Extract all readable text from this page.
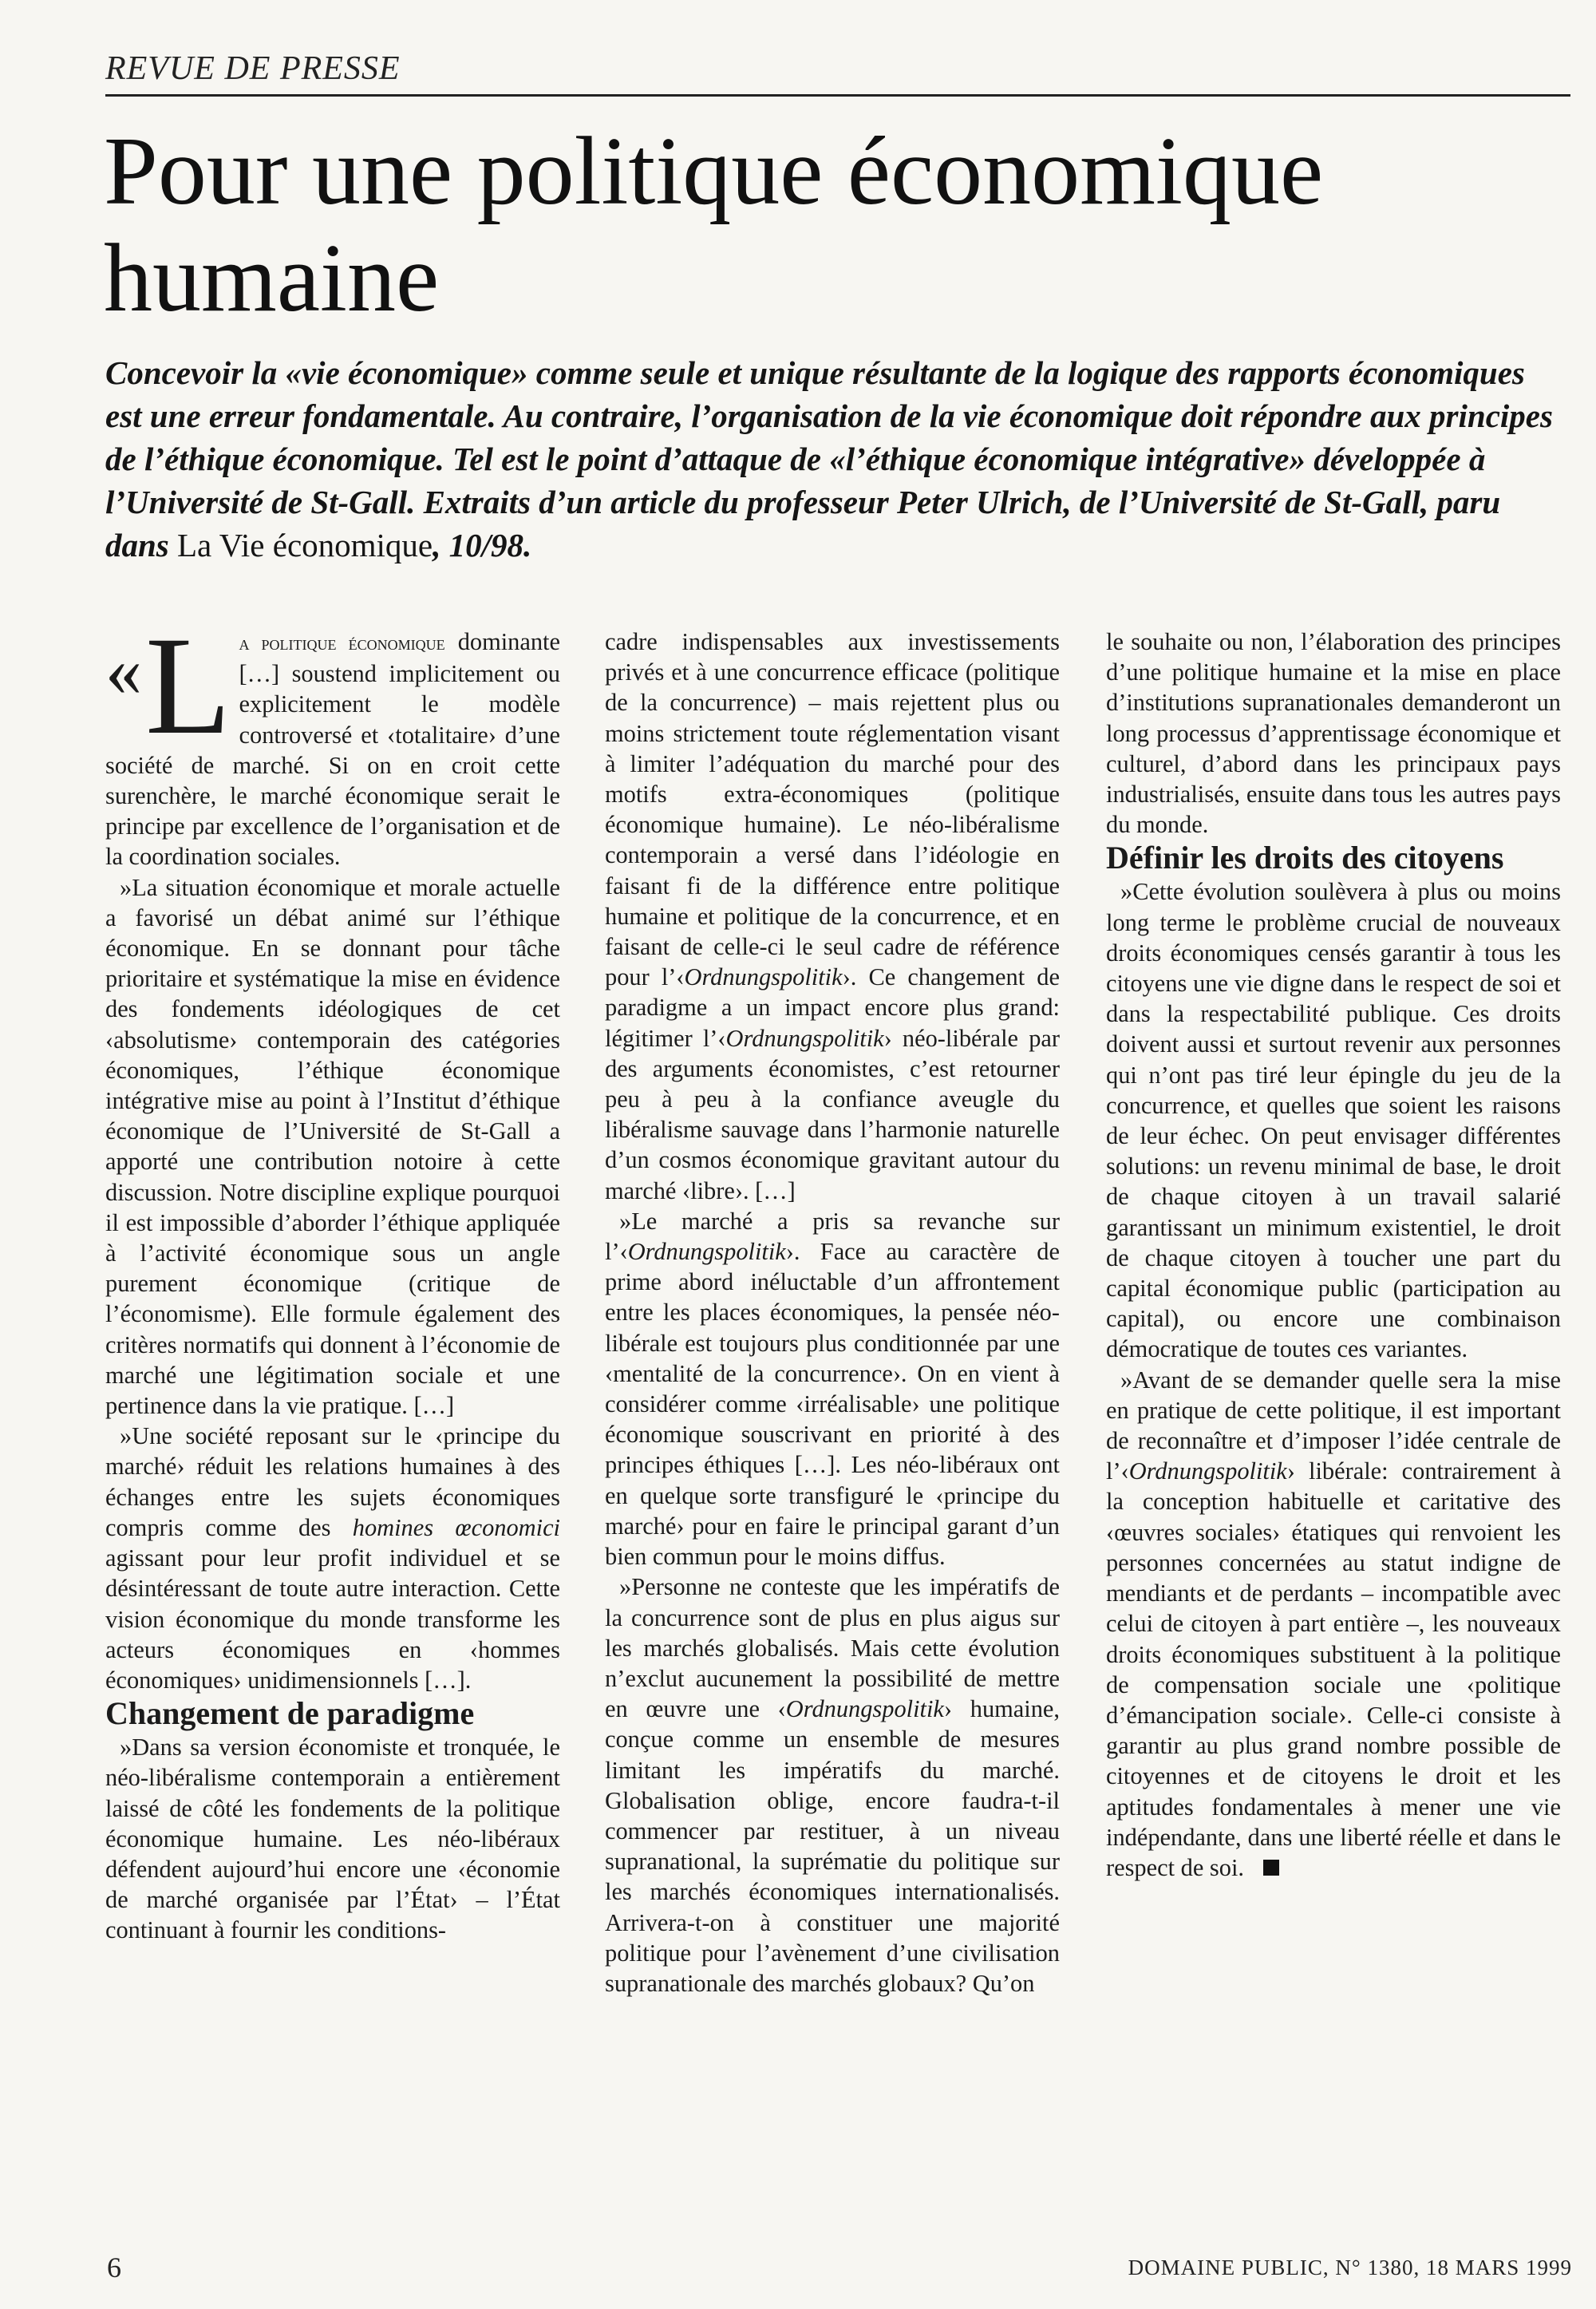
REVUE DE PRESSE
Pour une politique économique humaine

Concevoir la «vie économique» comme seule et unique résultante de la logique des rapports économiques est une erreur fondamentale. Au contraire, l’organisation de la vie économique doit répondre aux principes de l’éthique économique. Tel est le point d’attaque de «l’éthique économique intégrative» développée à l’Université de St-Gall. Extraits d’un article du professeur Peter Ulrich, de l’Université de St-Gall, paru dans La Vie économique, 10/98.

« L a politique économique dominante […] soustend implicitement ou explicitement le modèle controversé et ‹totalitaire› d’une société de marché. Si on en croit cette surenchère, le marché économique serait le principe par excellence de l’organisation et de la coordination sociales.

»La situation économique et morale actuelle a favorisé un débat animé sur l’éthique économique. En se donnant pour tâche prioritaire et systématique la mise en évidence des fondements idéologiques de cet ‹absolutisme› contemporain des catégories économiques, l’éthique économique intégrative mise au point à l’Institut d’éthique économique de l’Université de St-Gall a apporté une contribution notoire à cette discussion. Notre discipline explique pourquoi il est impossible d’aborder l’éthique appliquée à l’activité économique sous un angle purement économique (critique de l’économisme). Elle formule également des critères normatifs qui donnent à l’économie de marché une légitimation sociale et une pertinence dans la vie pratique. […]

»Une société reposant sur le ‹principe du marché› réduit les relations humaines à des échanges entre les sujets économiques compris comme des homines œconomici agissant pour leur profit individuel et se désintéressant de toute autre interaction. Cette vision économique du monde transforme les acteurs économiques en ‹hommes économiques› unidimensionnels […].

Changement de paradigme

»Dans sa version économiste et tronquée, le néo-libéralisme contemporain a entièrement laissé de côté les fondements de la politique économique humaine. Les néo-libéraux défendent aujourd’hui encore une ‹économie de marché organisée par l’État› – l’État continuant à fournir les conditions-

cadre indispensables aux investissements privés et à une concurrence efficace (politique de la concurrence) – mais rejettent plus ou moins strictement toute réglementation visant à limiter l’adéquation du marché pour des motifs extra-économiques (politique économique humaine). Le néo-libéralisme contemporain a versé dans l’idéologie en faisant fi de la différence entre politique humaine et politique de la concurrence, et en faisant de celle-ci le seul cadre de référence pour l’‹Ordnungspolitik›. Ce changement de paradigme a un impact encore plus grand: légitimer l’‹Ordnungspolitik› néo-libérale par des arguments économistes, c’est retourner peu à peu à la confiance aveugle du libéralisme sauvage dans l’harmonie naturelle d’un cosmos économique gravitant autour du marché ‹libre›. […]

»Le marché a pris sa revanche sur l’‹Ordnungspolitik›. Face au caractère de prime abord inéluctable d’un affrontement entre les places économiques, la pensée néo-libérale est toujours plus conditionnée par une ‹mentalité de la concurrence›. On en vient à considérer comme ‹irréalisable› une politique économique souscrivant en priorité à des principes éthiques […]. Les néo-libéraux ont en quelque sorte transfiguré le ‹principe du marché› pour en faire le principal garant d’un bien commun pour le moins diffus.

»Personne ne conteste que les impératifs de la concurrence sont de plus en plus aigus sur les marchés globalisés. Mais cette évolution n’exclut aucunement la possibilité de mettre en œuvre une ‹Ordnungspolitik› humaine, conçue comme un ensemble de mesures limitant les impératifs du marché. Globalisation oblige, encore faudra-t-il commencer par restituer, à un niveau supranational, la suprématie du politique sur les marchés économiques internationalisés. Arrivera-t-on à constituer une majorité politique pour l’avènement d’une civilisation supranationale des marchés globaux? Qu’on

le souhaite ou non, l’élaboration des principes d’une politique humaine et la mise en place d’institutions supranationales demanderont un long processus d’apprentissage économique et culturel, d’abord dans les principaux pays industrialisés, ensuite dans tous les autres pays du monde.

Définir les droits des citoyens

»Cette évolution soulèvera à plus ou moins long terme le problème crucial de nouveaux droits économiques censés garantir à tous les citoyens une vie digne dans le respect de soi et dans la respectabilité publique. Ces droits doivent aussi et surtout revenir aux personnes qui n’ont pas tiré leur épingle du jeu de la concurrence, et quelles que soient les raisons de leur échec. On peut envisager différentes solutions: un revenu minimal de base, le droit de chaque citoyen à un travail salarié garantissant un minimum existentiel, le droit de chaque citoyen à toucher une part du capital économique public (participation au capital), ou encore une combinaison démocratique de toutes ces variantes.

»Avant de se demander quelle sera la mise en pratique de cette politique, il est important de reconnaître et d’imposer l’idée centrale de l’‹Ordnungspolitik› libérale: contrairement à la conception habituelle et caritative des ‹œuvres sociales› étatiques qui renvoient les personnes concernées au statut indigne de mendiants et de perdants – incompatible avec celui de citoyen à part entière –, les nouveaux droits économiques substituent à la politique de compensation sociale une ‹politique d’émancipation sociale›. Celle-ci consiste à garantir au plus grand nombre possible de citoyennes et de citoyens le droit et les aptitudes fondamentales à mener une vie indépendante, dans une liberté réelle et dans le respect de soi.

6	DOMAINE PUBLIC, N° 1380, 18 MARS 1999
